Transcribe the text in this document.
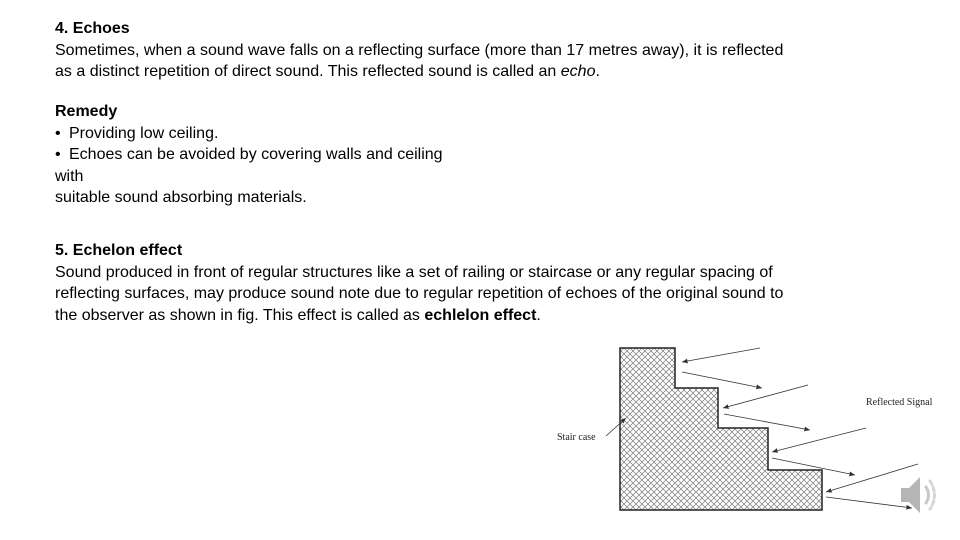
4. Echoes
Sometimes, when a sound wave falls on a reflecting surface (more than 17 metres away), it is reflected
as a distinct repetition of direct sound. This reflected sound is called an echo.
Remedy
• Providing low ceiling.
• Echoes can be avoided by covering walls and ceiling
with
suitable sound absorbing materials.
5. Echelon effect
Sound produced in front of regular structures like a set of railing or staircase or any regular spacing of
reflecting surfaces, may produce sound note due to regular repetition of echoes of the original sound to
the observer as shown in fig. This effect is called as echlelon effect.
Stair case
Reflected Signal
